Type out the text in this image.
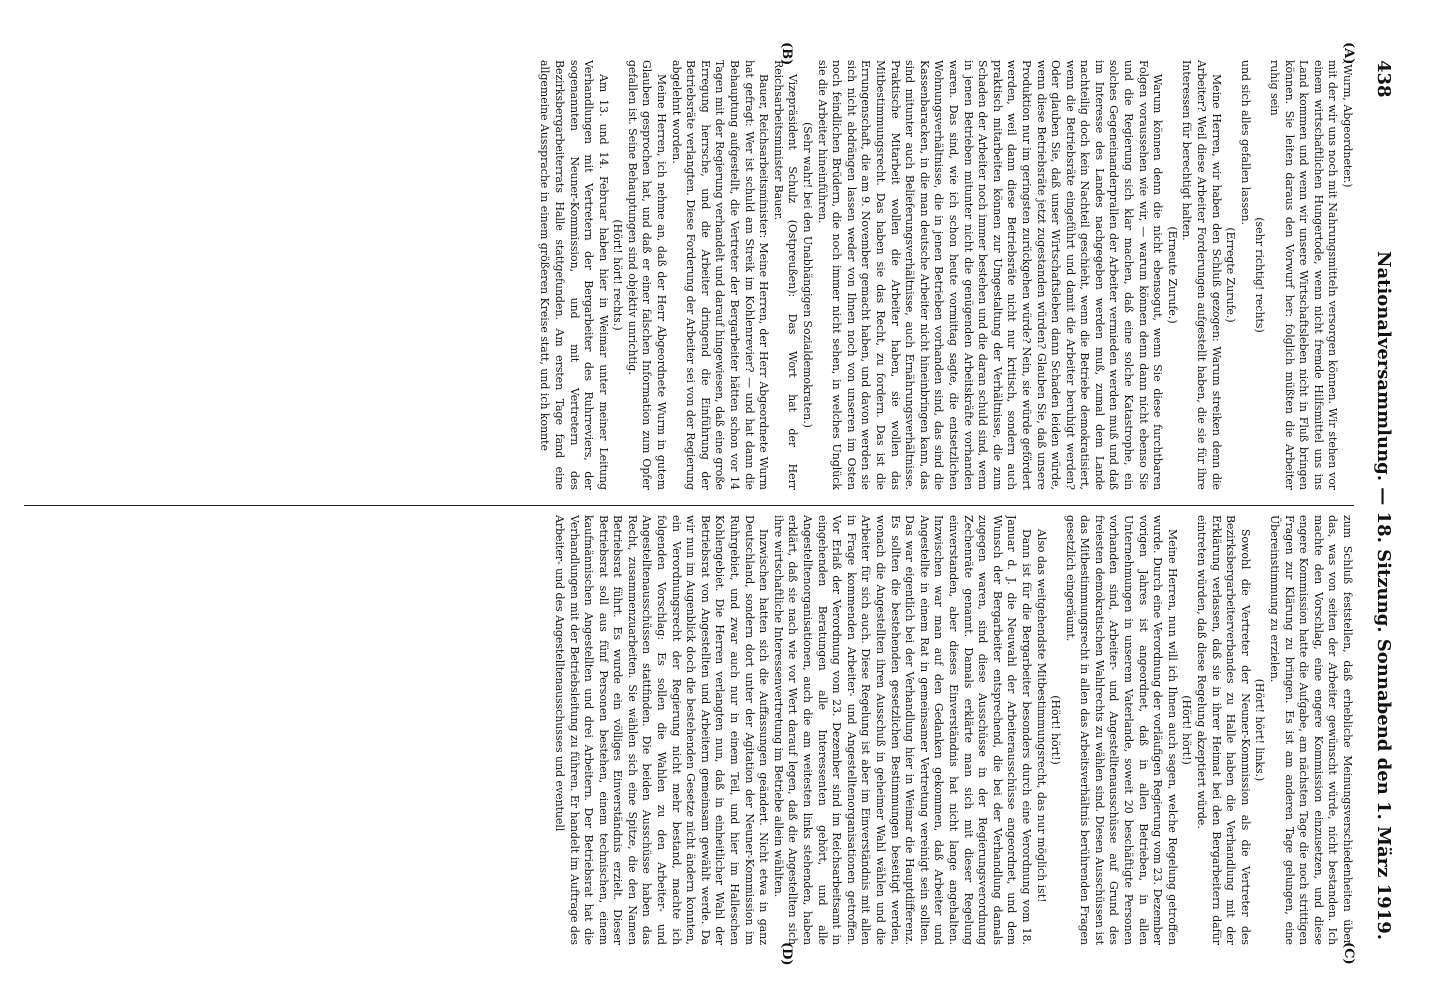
438
Nationalversammlung. — 18. Sitzung. Sonnabend den 1. März 1919.
(A)
(B)
(C)
(D)

(Wurm, Abgeordneter.)

mit der wir uns noch mit Nahrungsmitteln versorgen können. Wir stehen vor einem wirtschaftlichen Hungertode, wenn nicht fremde Hilfsmittel uns ins Land kommen und wenn wir unsere Wirtschaftsleben nicht in Fluß bringen können. Sie leiten daraus den Vorwurf her: folglich müßten die Arbeiter ruhig sein

(sehr richtig! rechts)

und sich alles gefallen lassen.

(Erregte Zurufe.)

Meine Herren, wir haben den Schluß gezogen: Warum streiken denn die Arbeiter? Weil diese Arbeiter Forderungen aufgestellt haben, die sie für ihre Interessen für berechtigt halten.

(Erneute Zurufe.)

Warum können denn die nicht ebensogut, wenn Sie diese furchtbaren Folgen voraussehen wie wir, — warum können denn dann nicht ebenso Sie und die Regierung sich klar machen, daß eine solche Katastrophe, ein solches Gegeneinanderprallen der Arbeiter vermieden werden muß und daß im Interesse des Landes nachgegeben werden muß, zumal dem Lande nachteilig doch kein Nachteil geschieht, wenn die Betriebe demokratisiert, wenn die Betriebsräte eingeführt und damit die Arbeiter beruhigt werden? Oder glauben Sie, daß unser Wirtschaftsleben dann Schaden leiden würde, wenn diese Betriebsräte jetzt zugestanden würden? Glauben Sie, daß unsere Produktion nur im geringsten zurückgehen würde? Nein, sie würde gefördert werden, weil dann diese Betriebsräte nicht nur kritisch, sondern auch praktisch mitarbeiten können zur Umgestaltung der Verhältnisse, die zum Schaden der Arbeiter noch immer bestehen und die daran schuld sind, wenn in jenen Betrieben mitunter nicht die genügenden Arbeitskräfte vorhanden waren. Das sind, wie ich schon heute vormittag sagte, die entsetzlichen Wohnungsverhältnisse, die in jenen Betrieben vorhanden sind, das sind die Kassenbaracken, in die man deutsche Arbeiter nicht hineinbringen kann, das sind mitunter auch Belieferungsverhältnisse, auch Ernährungsverhältnisse. Praktische Mitarbeit wollen die Arbeiter haben, sie wollen das Mitbestimmungsrecht. Das haben sie das Recht, zu fordern. Das ist die Errungenschaft, die am 9. November gemacht haben, und davon werden sie sich nicht abdrängen lassen weder von Ihnen noch von unseren im Osten noch feindlichen Brüdern, die noch immer nicht sehen, in welches Unglück sie die Arbeiter hineinführen.

(Sehr wahr! bei den Unabhängigen Sozialdemokraten.)

Vizepräsident Schulz (Ostpreußen): Das Wort hat der Herr Reichsarbeitsminister Bauer.

Bauer, Reichsarbeitsminister: Meine Herren, der Herr Abgeordnete Wurm hat gefragt: Wer ist schuld am Streik im Kohlenrevier? — und hat dann die Behauptung aufgestellt, die Vertreter der Bergarbeiter hätten schon vor 14 Tagen mit der Regierung verhandelt und darauf hingewiesen, daß eine große Erregung herrsche, und die Arbeiter dringend die Einführung der Betriebsräte verlangten. Diese Forderung der Arbeiter sei von der Regierung abgelehnt worden.

Meine Herren, ich nehme an, daß der Herr Abgeordnete Wurm in gutem Glauben gesprochen hat, und daß er einer falschen Information zum Opfer gefallen ist. Seine Behauptungen sind objektiv unrichtig.

(Hört! hört! rechts.)

Am 13. und 14. Februar haben hier in Weimar unter meiner Leitung Verhandlungen mit Vertretern der Bergarbeiter des Ruhrreviers, der sogenannten Neuner-Kommission, und mit Vertretern des Bezirksbergarbeiterrats Halle stattgefunden. Am ersten Tage fand eine allgemeine Aussprache in einem größeren Kreise statt, und ich konnte

zum Schluß feststellen, daß erhebliche Meinungsverschiedenheiten über das, was von seiten der Arbeiter gewünscht würde, nicht bestanden. Ich machte den Vorschlag, eine engere Kommission einzusetzen, und diese engere Kommission hatte die Aufgabe, am nächsten Tage die noch strittigen Fragen zur Klärung zu bringen. Es ist am anderen Tage gelungen, eine Übereinstimmung zu erzielen.

(Hört! hört! links.)

Sowohl die Vertreter der Neuner-Kommission als die Vertreter des Bezirksbergarbeiterverbandes zu Halle haben die Verhandlung mit der Erklärung verlassen, daß sie in ihrer Heimat bei den Bergarbeitern dafür eintreten würden, daß diese Regelung akzeptiert würde.

(Hört! hört!)

Meine Herren, nun will ich Ihnen auch sagen, welche Regelung getroffen wurde. Durch eine Verordnung der vorläufigen Regierung vom 23. Dezember vorigen Jahres ist angeordnet, daß in allen Betrieben, in allen Unternehmungen in unserem Vaterlande, soweit 20 beschäftigte Personen vorhanden sind, Arbeiter- und Angestelltenausschüsse auf Grund des freiesten demokratischen Wahlrechts zu wählen sind. Diesen Ausschüssen ist das Mitbestimmungsrecht in allen das Arbeitsverhältnis berührenden Fragen gesetzlich eingeräumt.

(Hört! hört!)

Also das weitgehendste Mitbestimmungsrecht, das nur möglich ist!

Dann ist für die Bergarbeiter besonders durch eine Verordnung vom 18. Januar d. J. die Neuwahl der Arbeiterausschüsse angeordnet, und dem Wunsch der Bergarbeiter entsprechend, die bei der Verhandlung damals zugegen waren, sind diese Ausschüsse in der Regierungsverordnung Zechenräte genannt. Damals erklärte man sich mit dieser Regelung einverstanden, aber dieses Einverständnis hat nicht lange angehalten. Inzwischen war man auf den Gedanken gekommen, daß Arbeiter und Angestellte in einem Rat in gemeinsamer Vertretung vereinigt sein sollten. Das war eigentlich bei der Verhandlung hier in Weimar die Hauptdifferenz. Es sollten die bestehenden gesetzlichen Bestimmungen beseitigt werden, wonach die Angestellten ihren Ausschuß in geheimer Wahl wählen und die Arbeiter für sich auch. Diese Regelung ist aber im Einverständnis mit allen in Frage kommenden Arbeiter- und Angestelltenorganisationen getroffen. Vor Erlaß der Verordnung vom 23. Dezember sind im Reichsarbeitsamt in eingehenden Beratungen alle Interessenten gehört, und alle Angestelltenorganisationen, auch die am weitesten links stehenden, haben erklärt, daß sie nach wie vor Wert darauf legen, daß die Angestellten sich ihre wirtschaftliche Interessenvertretung im Betriebe allein wählten.

Inzwischen hatten sich die Auffassungen geändert. Nicht etwa in ganz Deutschland, sondern dort unter der Agitation der Neuner-Kommission im Ruhrgebiet, und zwar auch nur in einem Teil, und hier im Halleschen Kohlengebiet. Die Herren verlangten nun, daß in einheitlicher Wahl der Betriebsrat von Angestellten und Arbeitern gemeinsam gewählt werde. Da wir nun im Augenblick doch die bestehenden Gesetze nicht ändern konnten, ein Verordnungsrecht der Regierung nicht mehr bestand, machte ich folgenden Vorschlag: Es sollen die Wahlen zu den Arbeiter- und Angestelltenausschüssen stattfinden. Die beiden Ausschüsse haben das Recht, zusammenzuarbeiten. Sie wählen sich eine Spitze, die den Namen Betriebsrat führt. Es wurde ein völliges Einverständnis erzielt. Dieser Betriebsrat soll aus fünf Personen bestehen, einem technischen, einem kaufmännischen Angestellten und drei Arbeitern. Der Betriebsrat hat die Verhandlungen mit der Betriebsleitung zu führen. Er handelt im Auftrage des Arbeiter- und des Angestelltenausschusses und eventuell
